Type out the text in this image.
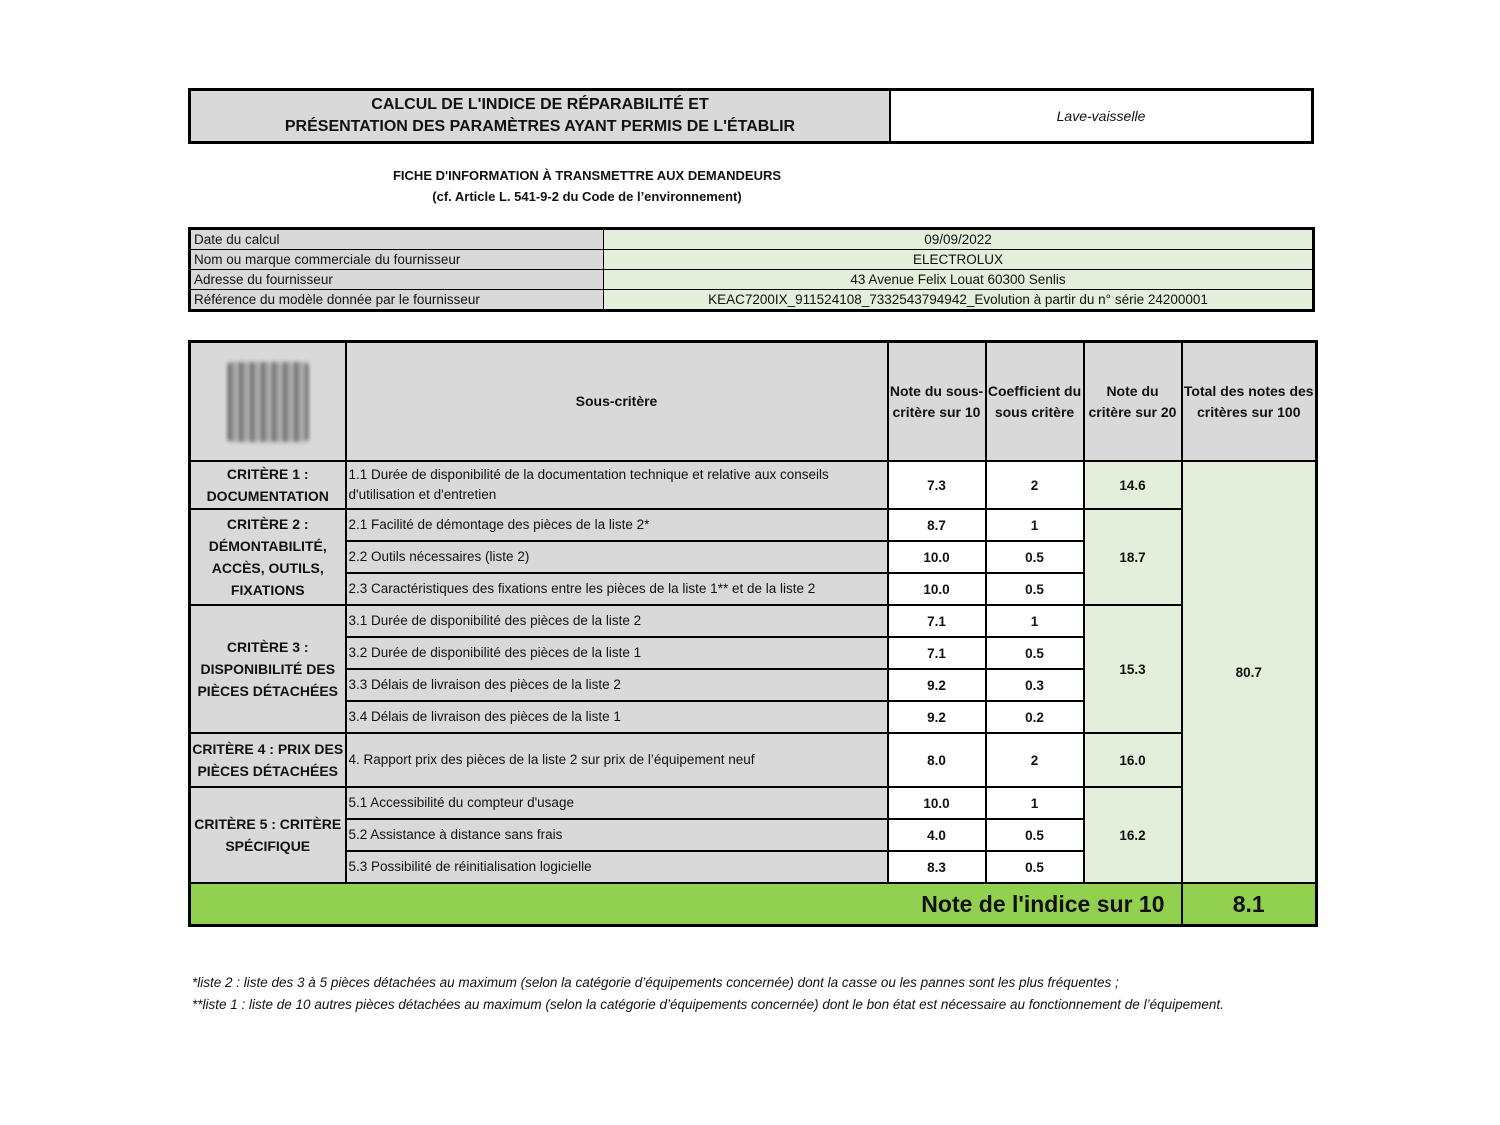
CALCUL DE L'INDICE DE RÉPARABILITÉ ET
PRÉSENTATION DES PARAMÈTRES AYANT PERMIS DE L'ÉTABLIR
Lave-vaisselle
FICHE D'INFORMATION À TRANSMETTRE AUX DEMANDEURS
(cf. Article L. 541-9-2 du Code de l’environnement)
Date du calcul	09/09/2022
Nom ou marque commerciale du fournisseur	ELECTROLUX
Adresse du fournisseur	43 Avenue Felix Louat 60300 Senlis
Référence du modèle donnée par le fournisseur	KEAC7200IX_911524108_7332543794942_Evolution à partir du n° série 24200001
	Sous-critère	Note du sous-critère sur 10	Coefficient du sous critère	Note du critère sur 20	Total des notes des critères sur 100
CRITÈRE 1 : DOCUMENTATION	1.1 Durée de disponibilité de la documentation technique et relative aux conseils d'utilisation et d'entretien	7.3	2	14.6	80.7
CRITÈRE 2 : DÉMONTABILITÉ, ACCÈS, OUTILS, FIXATIONS	2.1 Facilité de démontage des pièces de la liste 2*	8.7	1	18.7	
	2.2 Outils nécessaires (liste 2)	10.0	0.5		
	2.3 Caractéristiques des fixations entre les pièces de la liste 1** et de la liste 2	10.0	0.5		
CRITÈRE 3 : DISPONIBILITÉ DES PIÈCES DÉTACHÉES	3.1 Durée de disponibilité des pièces de la liste 2	7.1	1	15.3	
	3.2 Durée de disponibilité des pièces de la liste 1	7.1	0.5		
	3.3 Délais de livraison des pièces de la liste 2	9.2	0.3		
	3.4 Délais de livraison des pièces de la liste 1	9.2	0.2		
CRITÈRE 4 : PRIX DES PIÈCES DÉTACHÉES	4. Rapport prix des pièces de la liste 2 sur prix de l’équipement neuf	8.0	2	16.0	
CRITÈRE 5 : CRITÈRE SPÉCIFIQUE	5.1 Accessibilité du compteur d'usage	10.0	1	16.2	
	5.2 Assistance à distance sans frais	4.0	0.5		
	5.3 Possibilité de réinitialisation logicielle	8.3	0.5		
Note de l'indice sur 10					8.1
*liste 2 : liste des 3 à 5 pièces détachées au maximum (selon la catégorie d’équipements concernée) dont la casse ou les pannes sont les plus fréquentes ;
**liste 1 : liste de 10 autres pièces détachées au maximum (selon la catégorie d’équipements concernée) dont le bon état est nécessaire au fonctionnement de l’équipement.
